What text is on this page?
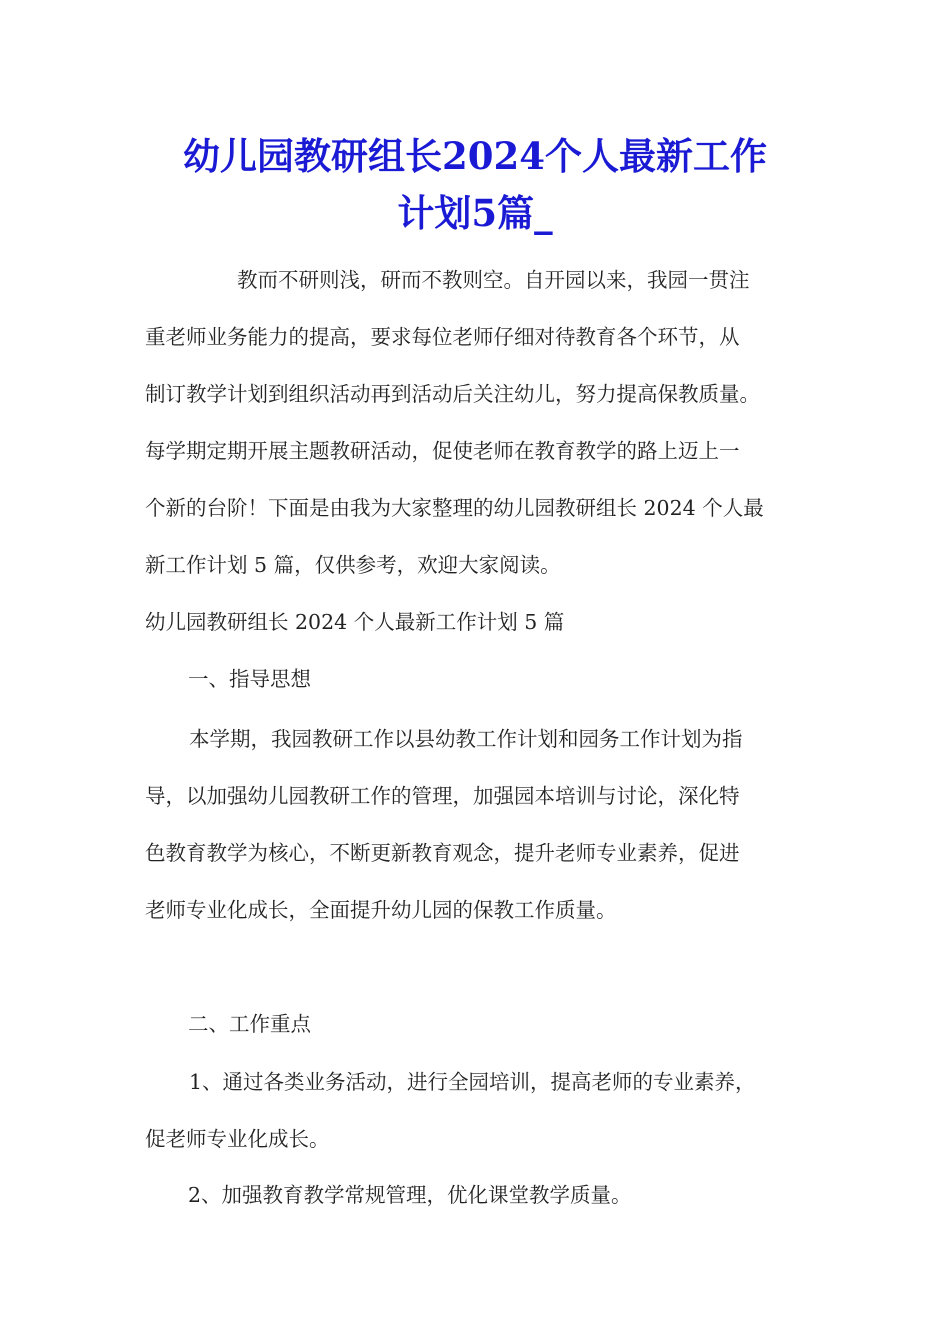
幼儿园教研组长2024个人最新工作
计划5篇_

教而不研则浅，研而不教则空。自开园以来，我园一贯注
重老师业务能力的提高，要求每位老师仔细对待教育各个环节，从
制订教学计划到组织活动再到活动后关注幼儿，努力提高保教质量。
每学期定期开展主题教研活动，促使老师在教育教学的路上迈上一
个新的台阶！下面是由我为大家整理的幼儿园教研组长 2024 个人最
新工作计划 5 篇，仅供参考，欢迎大家阅读。

幼儿园教研组长 2024 个人最新工作计划 5 篇

一、指导思想

本学期，我园教研工作以县幼教工作计划和园务工作计划为指
导，以加强幼儿园教研工作的管理，加强园本培训与讨论，深化特
色教育教学为核心，不断更新教育观念，提升老师专业素养，促进
老师专业化成长，全面提升幼儿园的保教工作质量。

二、工作重点

1、通过各类业务活动，进行全园培训，提高老师的专业素养，
促老师专业化成长。

2、加强教育教学常规管理，优化课堂教学质量。
